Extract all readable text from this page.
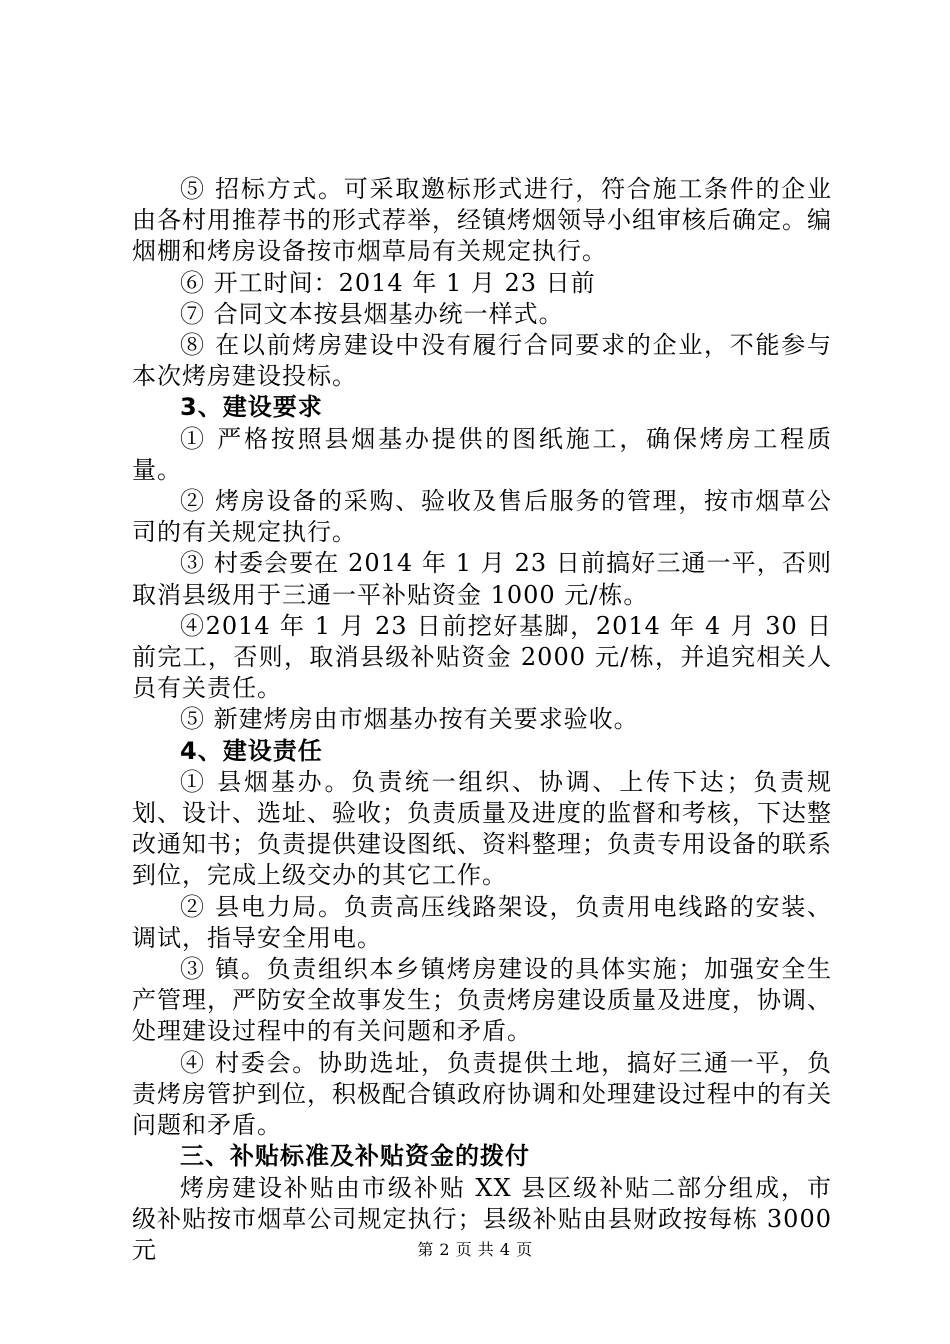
⑤ 招标方式。可采取邀标形式进行，符合施工条件的企业由各村用推荐书的形式荐举，经镇烤烟领导小组审核后确定。编烟棚和烤房设备按市烟草局有关规定执行。

⑥ 开工时间：2014 年 1 月 23 日前

⑦ 合同文本按县烟基办统一样式。

⑧ 在以前烤房建设中没有履行合同要求的企业，不能参与本次烤房建设投标。

3、建设要求

① 严格按照县烟基办提供的图纸施工，确保烤房工程质量。

② 烤房设备的采购、验收及售后服务的管理，按市烟草公司的有关规定执行。

③ 村委会要在 2014 年 1 月 23 日前搞好三通一平，否则取消县级用于三通一平补贴资金 1000 元/栋。

④2014 年 1 月 23 日前挖好基脚，2014 年 4 月 30 日前完工，否则，取消县级补贴资金 2000 元/栋，并追究相关人员有关责任。

⑤ 新建烤房由市烟基办按有关要求验收。

4、建设责任

① 县烟基办。负责统一组织、协调、上传下达；负责规划、设计、选址、验收；负责质量及进度的监督和考核，下达整改通知书；负责提供建设图纸、资料整理；负责专用设备的联系到位，完成上级交办的其它工作。

② 县电力局。负责高压线路架设，负责用电线路的安装、调试，指导安全用电。

③ 镇。负责组织本乡镇烤房建设的具体实施；加强安全生产管理，严防安全故事发生；负责烤房建设质量及进度，协调、处理建设过程中的有关问题和矛盾。

④ 村委会。协助选址，负责提供土地，搞好三通一平，负责烤房管护到位，积极配合镇政府协调和处理建设过程中的有关问题和矛盾。

三、补贴标准及补贴资金的拨付

烤房建设补贴由市级补贴 XX 县区级补贴二部分组成，市级补贴按市烟草公司规定执行；县级补贴由县财政按每栋 3000 元	第 2 页 共 4 页
